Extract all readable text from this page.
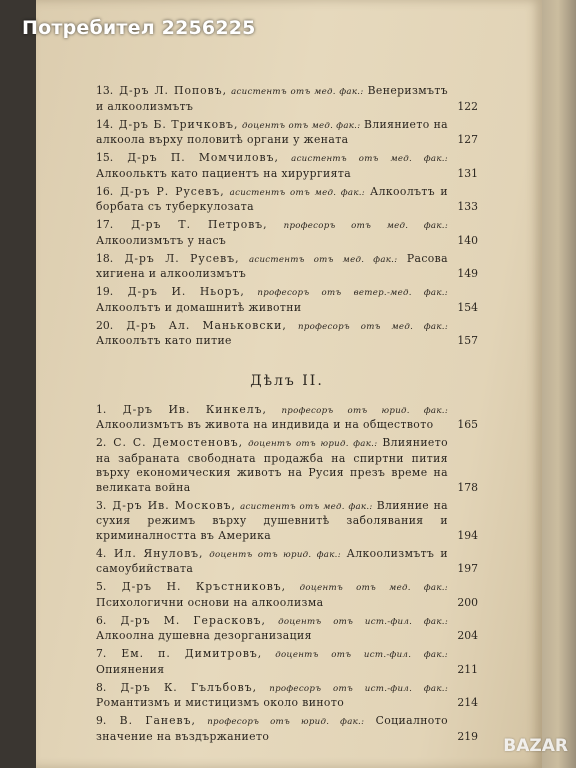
Потребител 2256225
13. Д-ръ Л. Поповъ, асистентъ отъ мед. фак.: Венеризмътъ и алкоолизмътъ	122
14. Д-ръ Б. Тричковъ, доцентъ отъ мед. фак.: Влиянието на алкоола върху половитѣ органи у жената	127
15. Д-ръ П. Момчиловъ, асистентъ отъ мед. фак.: Алкоольктъ като пациентъ на хирургията	131
16. Д-ръ Р. Русевъ, асистентъ отъ мед. фак.: Алкоолътъ и борбата съ туберкулозата	133
17. Д-ръ Т. Петровъ, професоръ отъ мед. фак.: Алкоолизмътъ у насъ	140
18. Д-ръ Л. Русевъ, асистентъ отъ мед. фак.: Расова хигиена и алкоолизмътъ	149
19. Д-ръ И. Ньоръ, професоръ отъ ветер.-мед. фак.: Алкоолътъ и домашнитѣ животни	154
20. Д-ръ Ал. Маньковски, професоръ отъ мед. фак.: Алкоолътъ като питие	157
Дѣлъ II.
1. Д-ръ Ив. Кинкелъ, професоръ отъ юрид. фак.: Алкоолизмътъ въ живота на индивида и на обществото 165
2. С. С. Демостеновъ, доцентъ отъ юрид. фак.: Влиянието на забраната свободната продажба на спиртни пития върху економическия животъ на Русия презъ време на великата война	178
3. Д-ръ Ив. Московъ, асистентъ отъ мед. фак.: Влияние на сухия режимъ върху душевнитѣ заболявания и криминалността въ Америка	194
4. Ил. Януловъ, доцентъ отъ юрид. фак.: Алкоолизмътъ и самоубийствата	197
5. Д-ръ Н. Кръстниковъ, доцентъ отъ мед. фак.: Психологични основи на алкоолизма	200
6. Д-ръ М. Герасковъ, доцентъ отъ ист.-фил. фак.: Алкоолна душевна дезорганизация	204
7. Ем. п. Димитровъ, доцентъ отъ ист.-фил. фак.: Опиянения	211
8. Д-ръ К. Гълъбовъ, професоръ отъ ист.-фил. фак.: Романтизмъ и мистицизмъ около виното	214
9. В. Ганевъ, професоръ отъ юрид. фак.: Социалното значение на въздържанието	219 BAZAR
